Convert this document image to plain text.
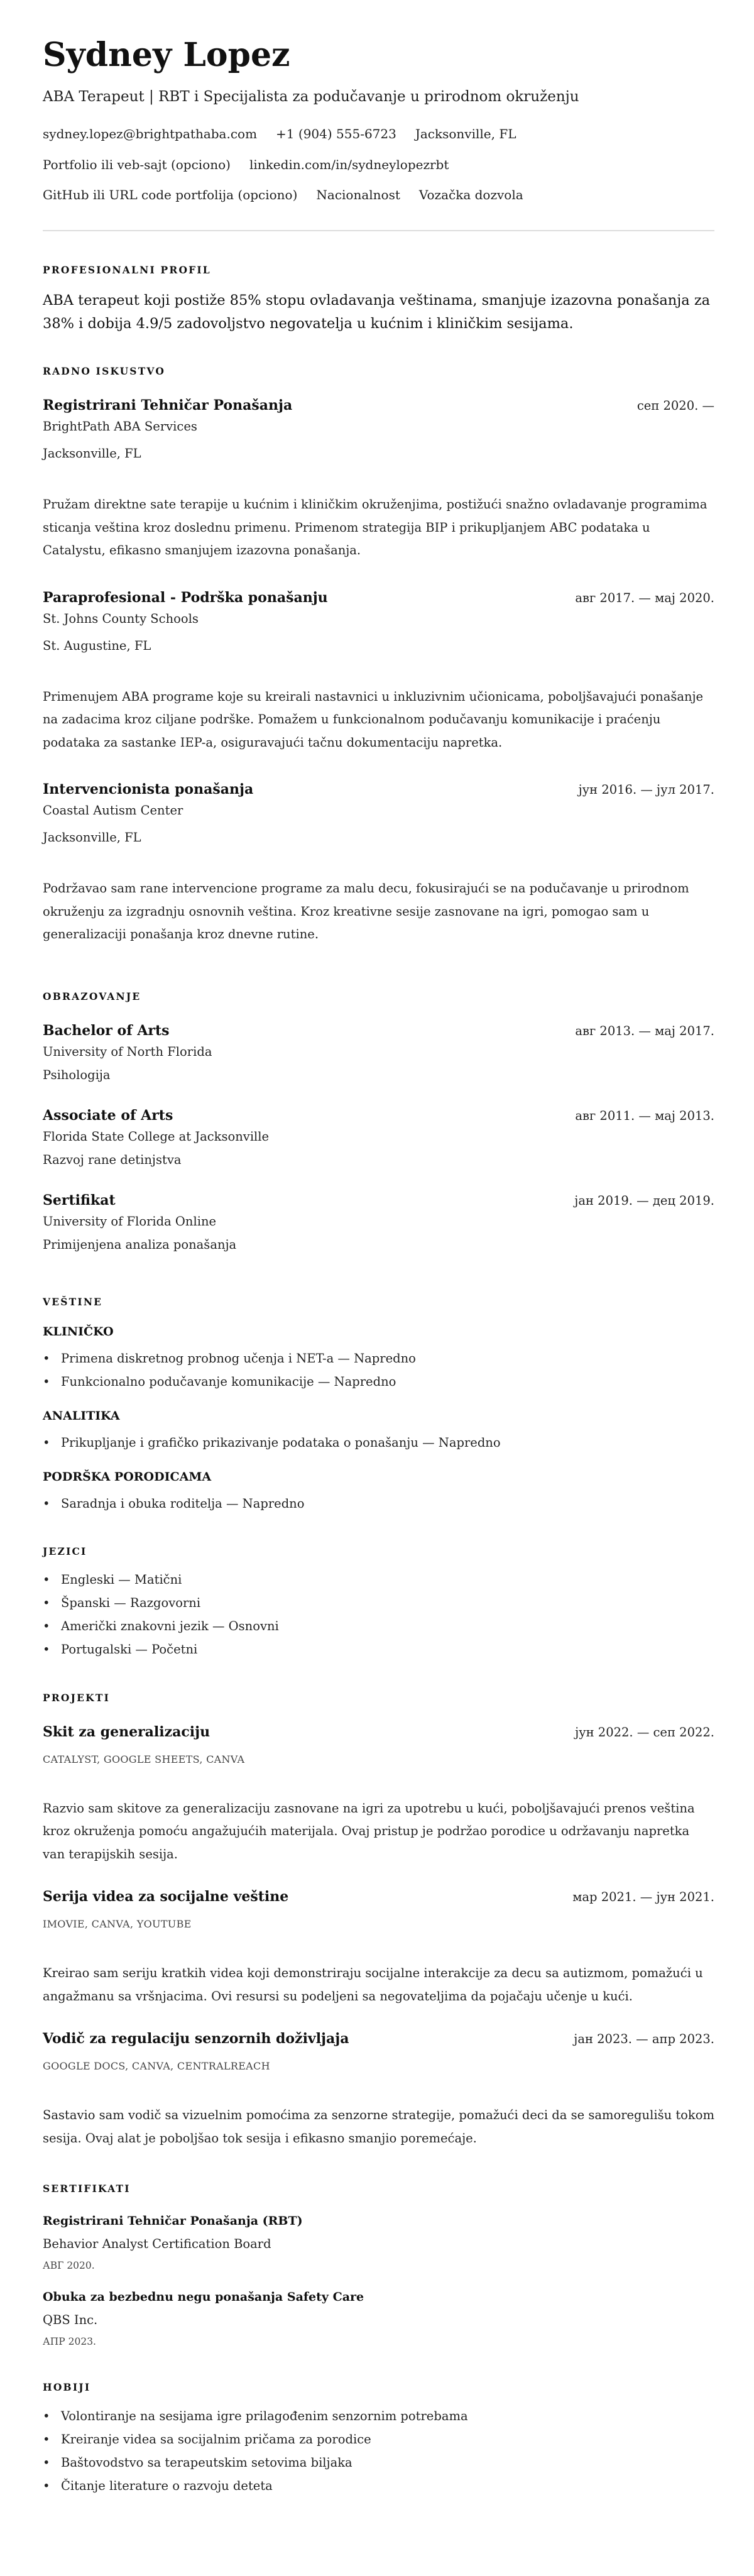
Sydney Lopez
ABA Terapeut | RBT i Specijalista za podučavanje u prirodnom okruženju
sydney.lopez@brightpathaba.com +1 (904) 555-6723 Jacksonville, FL
Portfolio ili veb-sajt (opciono) linkedin.com/in/sydneylopezrbt
GitHub ili URL code portfolija (opciono) Nacionalnost Vozačka dozvola
PROFESIONALNI PROFIL
ABA terapeut koji postiže 85% stopu ovladavanja veštinama, smanjuje izazovna ponašanja za 38% i dobija 4.9/5 zadovoljstvo negovatelja u kućnim i kliničkim sesijama.
RADNO ISKUSTVO
Registrirani Tehničar Ponašanja	сеп 2020. —
BrightPath ABA Services
Jacksonville, FL
Pružam direktne sate terapije u kućnim i kliničkim okruženjima, postižući snažno ovladavanje programima sticanja veština kroz doslednu primenu. Primenom strategija BIP i prikupljanjem ABC podataka u Catalystu, efikasno smanjujem izazovna ponašanja.
Paraprofesional - Podrška ponašanju	авг 2017. — мај 2020.
St. Johns County Schools
St. Augustine, FL
Primenujem ABA programe koje su kreirali nastavnici u inkluzivnim učionicama, poboljšavajući ponašanje na zadacima kroz ciljane podrške. Pomažem u funkcionalnom podučavanju komunikacije i praćenju podataka za sastanke IEP-a, osiguravajući tačnu dokumentaciju napretka.
Intervencionista ponašanja	јун 2016. — јул 2017.
Coastal Autism Center
Jacksonville, FL
Podržavao sam rane intervencione programe za malu decu, fokusirajući se na podučavanje u prirodnom okruženju za izgradnju osnovnih veština. Kroz kreativne sesije zasnovane na igri, pomogao sam u generalizaciji ponašanja kroz dnevne rutine.
OBRAZOVANJE
Bachelor of Arts	авг 2013. — мај 2017.
University of North Florida
Psihologija
Associate of Arts	авг 2011. — мај 2013.
Florida State College at Jacksonville
Razvoj rane detinjstva
Sertifikat	јан 2019. — дец 2019.
University of Florida Online
Primijenjena analiza ponašanja
VEŠTINE
KLINIČKO
• Primena diskretnog probnog učenja i NET-a — Napredno
• Funkcionalno podučavanje komunikacije — Napredno
ANALITIKA
• Prikupljanje i grafičko prikazivanje podataka o ponašanju — Napredno
PODRŠKA PORODICAMA
• Saradnja i obuka roditelja — Napredno
JEZICI
• Engleski — Matični
• Španski — Razgovorni
• Američki znakovni jezik — Osnovni
• Portugalski — Početni
PROJEKTI
Skit za generalizaciju	јун 2022. — сеп 2022.
CATALYST, GOOGLE SHEETS, CANVA
Razvio sam skitove za generalizaciju zasnovane na igri za upotrebu u kući, poboljšavajući prenos veština kroz okruženja pomoću angažujućih materijala. Ovaj pristup je podržao porodice u održavanju napretka van terapijskih sesija.
Serija videa za socijalne veštine	мар 2021. — јун 2021.
IMOVIE, CANVA, YOUTUBE
Kreirao sam seriju kratkih videa koji demonstriraju socijalne interakcije za decu sa autizmom, pomažući u angažmanu sa vršnjacima. Ovi resursi su podeljeni sa negovateljima da pojačaju učenje u kući.
Vodič za regulaciju senzornih doživljaja	јан 2023. — апр 2023.
GOOGLE DOCS, CANVA, CENTRALREACH
Sastavio sam vodič sa vizuelnim pomoćima za senzorne strategije, pomažući deci da se samoregulišu tokom sesija. Ovaj alat je poboljšao tok sesija i efikasno smanjio poremećaje.
SERTIFIKATI
Registrirani Tehničar Ponašanja (RBT)
Behavior Analyst Certification Board
АВГ 2020.
Obuka za bezbednu negu ponašanja Safety Care
QBS Inc.
АПР 2023.
HOBIJI
• Volontiranje na sesijama igre prilagođenim senzornim potrebama
• Kreiranje videa sa socijalnim pričama za porodice
• Baštovodstvo sa terapeutskim setovima biljaka
• Čitanje literature o razvoju deteta
